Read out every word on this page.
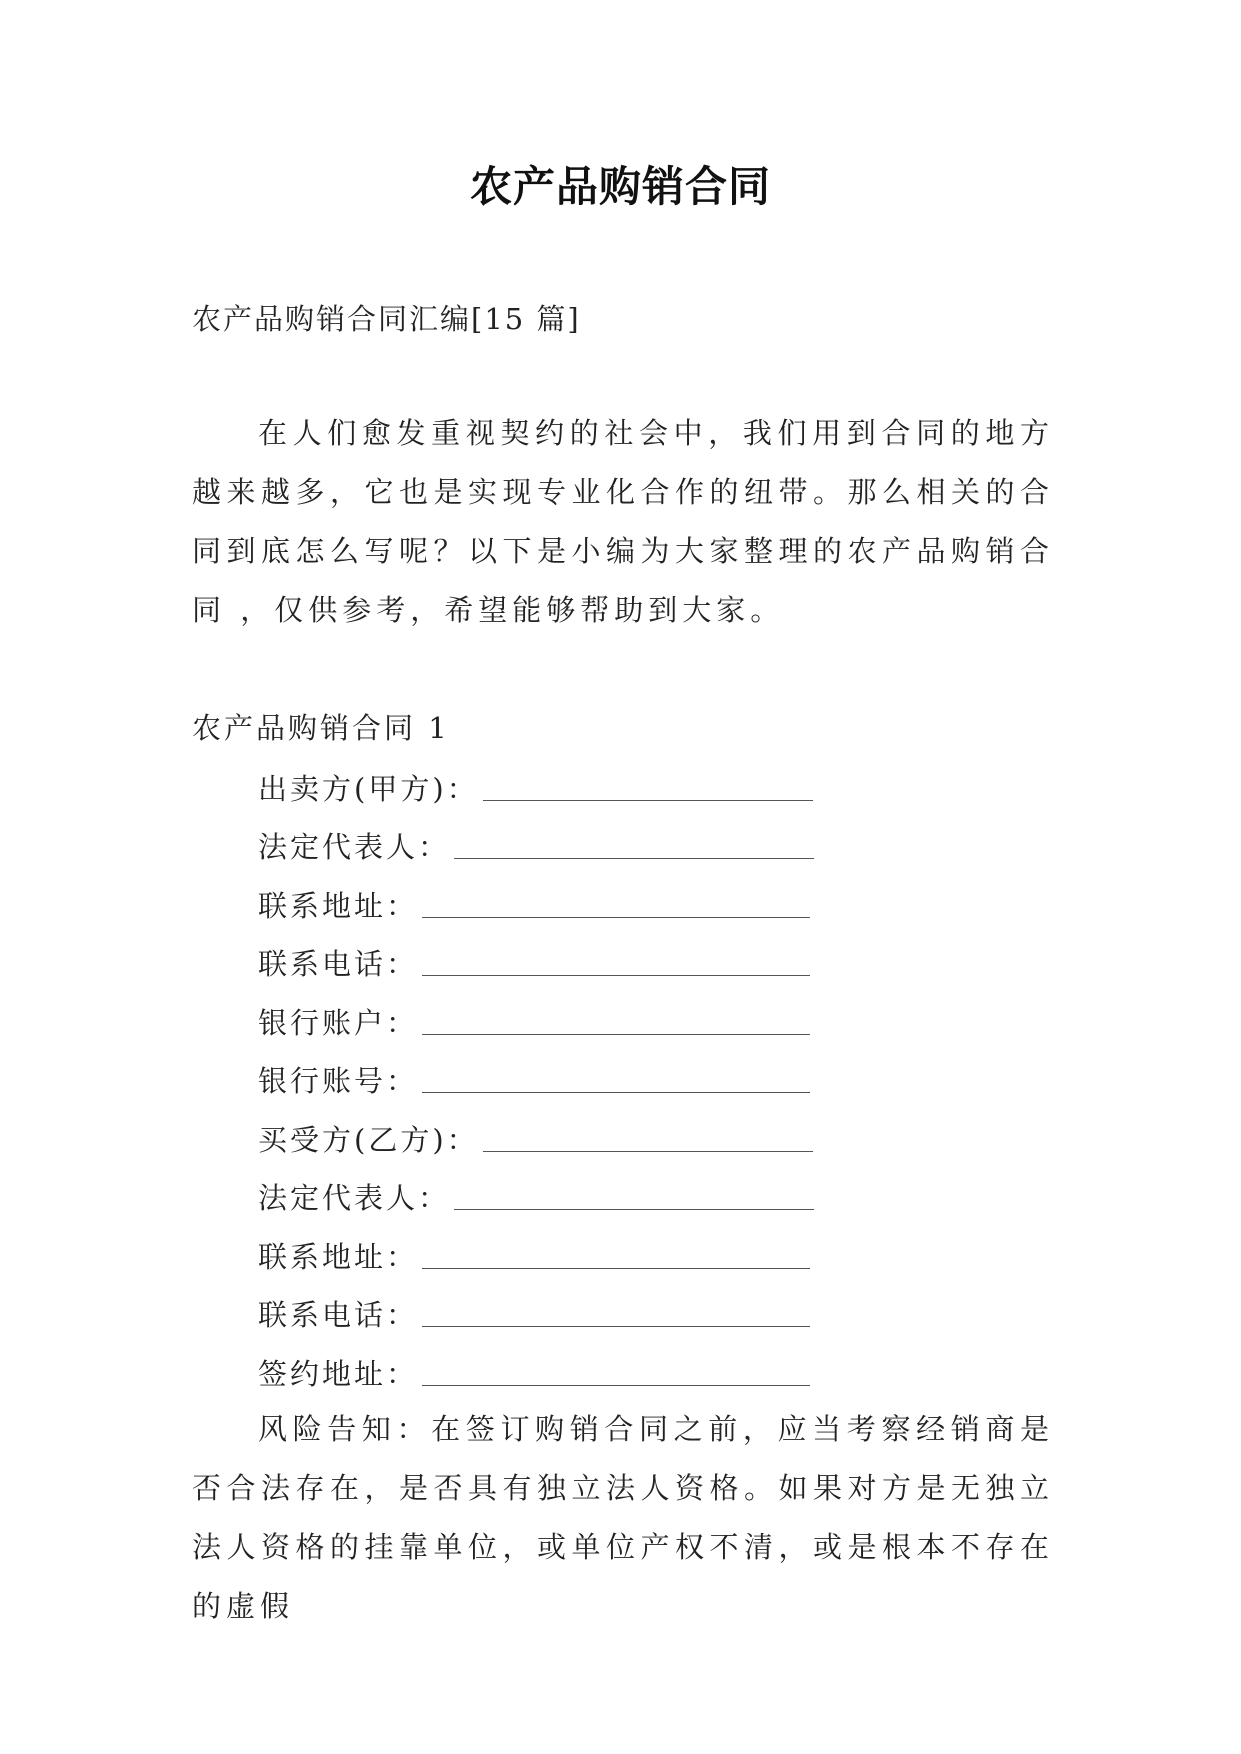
农产品购销合同
农产品购销合同汇编[15 篇]
在人们愈发重视契约的社会中，我们用到合同的地方越来越多，它也是实现专业化合作的纽带。那么相关的合同到底怎么写呢？以下是小编为大家整理的农产品购销合同 ，仅供参考，希望能够帮助到大家。
农产品购销合同 1
出卖方(甲方)：
法定代表人：
联系地址：
联系电话：
银行账户：
银行账号：
买受方(乙方)：
法定代表人：
联系地址：
联系电话：
签约地址：
风险告知：在签订购销合同之前，应当考察经销商是否合法存在，是否具有独立法人资格。如果对方是无独立法人资格的挂靠单位，或单位产权不清，或是根本不存在的虚假
